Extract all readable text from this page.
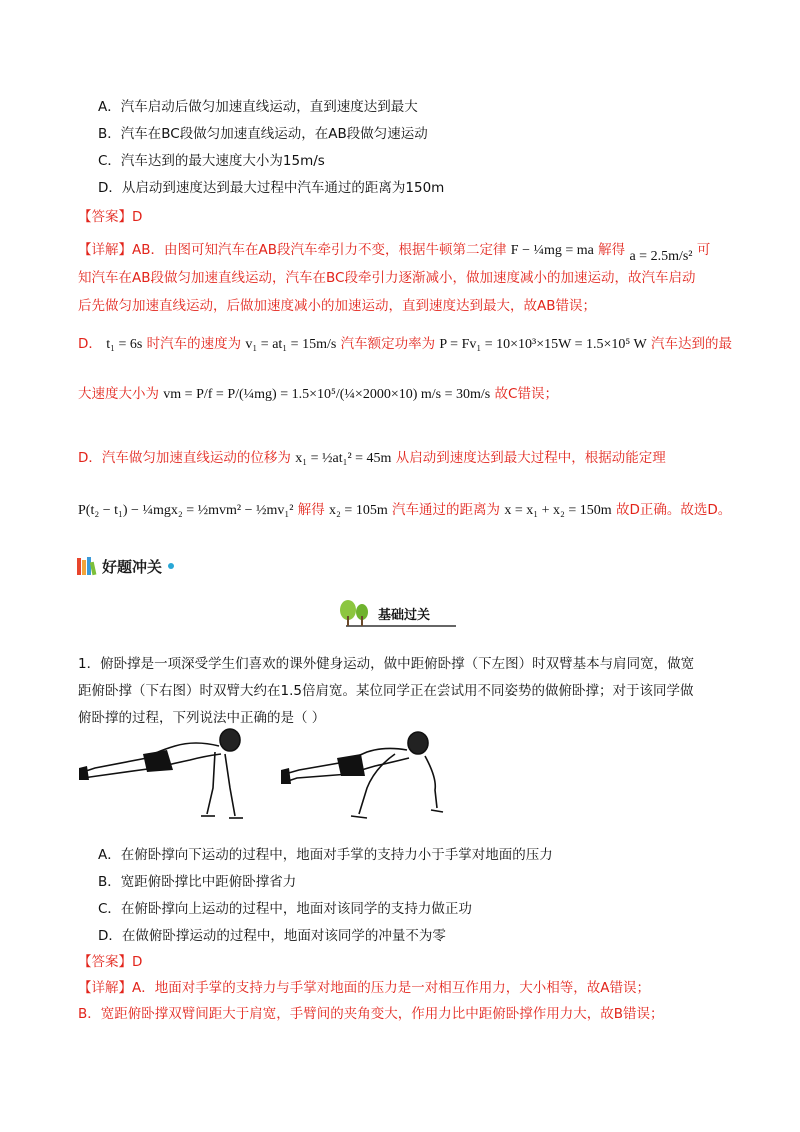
A．汽车启动后做匀加速直线运动，直到速度达到最大
B．汽车在BC段做匀加速直线运动，在AB段做匀速运动
C．汽车达到的最大速度大小为15m/s
D．从启动到速度达到最大过程中汽车通过的距离为150m
【答案】D
【详解】AB．由图可知汽车在AB段汽车牵引力不变，根据牛顿第二定律 F − ¼mg = ma 解得 a = 2.5m/s² 可
知汽车在AB段做匀加速直线运动，汽车在BC段牵引力逐渐减小，做加速度减小的加速运动，故汽车启动
后先做匀加速直线运动，后做加速度减小的加速运动，直到速度达到最大，故AB错误；
D． t₁ = 6s 时汽车的速度为 v₁ = at₁ = 15m/s 汽车额定功率为 P = Fv₁ = 10×10³×15W = 1.5×10⁵ W 汽车达到的最
大速度大小为 vm = P/f = P/(¼mg) = 1.5×10⁵/(¼×2000×10) m/s = 30m/s 故C错误；
D．汽车做匀加速直线运动的位移为 x₁ = ½at₁² = 45m 从启动到速度达到最大过程中，根据动能定理
P(t₂ − t₁) − ¼mgx₂ = ½mvm² − ½mv₁² 解得 x₂ = 105m 汽车通过的距离为 x = x₁ + x₂ = 150m 故D正确。故选D。
好题冲关
基础过关
1．俯卧撑是一项深受学生们喜欢的课外健身运动，做中距俯卧撑（下左图）时双臂基本与肩同宽，做宽
距俯卧撑（下右图）时双臂大约在1.5倍肩宽。某位同学正在尝试用不同姿势的做俯卧撑；对于该同学做
俯卧撑的过程，下列说法中正确的是（ ）
A．在俯卧撑向下运动的过程中，地面对手掌的支持力小于手掌对地面的压力
B．宽距俯卧撑比中距俯卧撑省力
C．在俯卧撑向上运动的过程中，地面对该同学的支持力做正功
D．在做俯卧撑运动的过程中，地面对该同学的冲量不为零
【答案】D
【详解】A．地面对手掌的支持力与手掌对地面的压力是一对相互作用力，大小相等，故A错误；
B．宽距俯卧撑双臂间距大于肩宽，手臂间的夹角变大，作用力比中距俯卧撑作用力大，故B错误；
